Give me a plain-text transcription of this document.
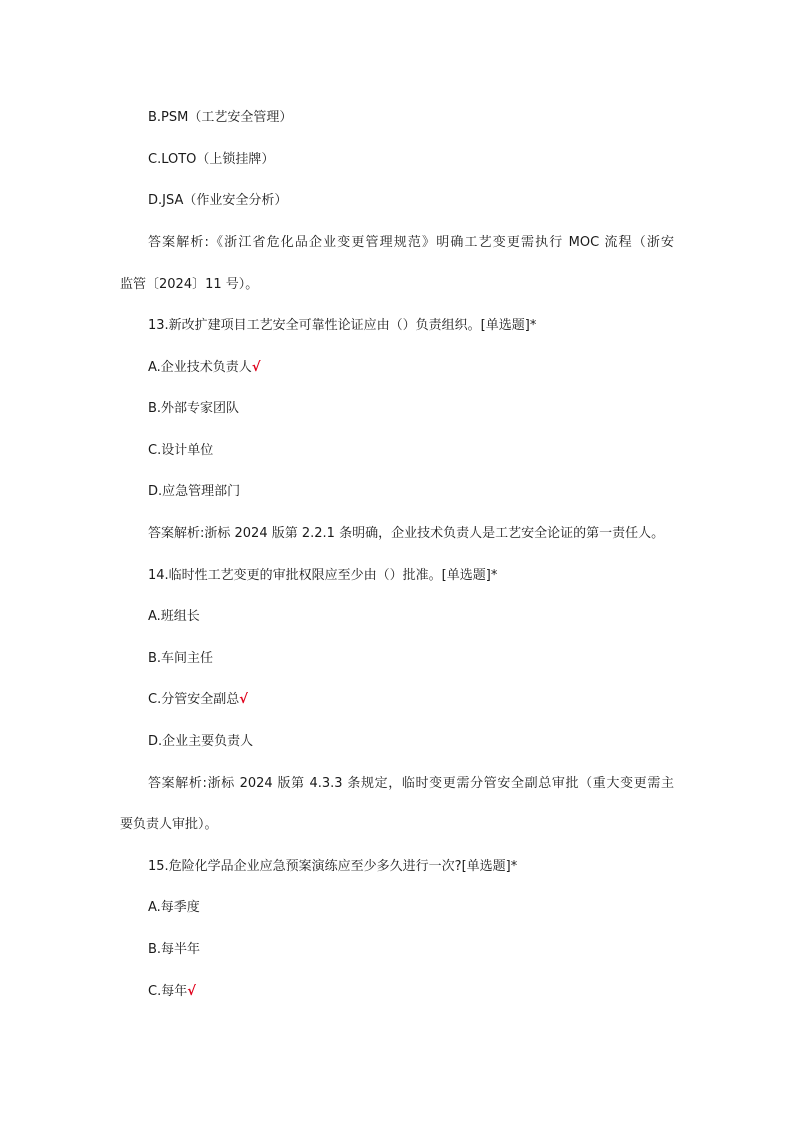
B.PSM（工艺安全管理）
C.LOTO（上锁挂牌）
D.JSA（作业安全分析）
答案解析:《浙江省危化品企业变更管理规范》明确工艺变更需执行 MOC 流程（浙安
监管〔2024〕11 号）。
13.新改扩建项目工艺安全可靠性论证应由（）负责组织。[单选题]*
A.企业技术负责人√
B.外部专家团队
C.设计单位
D.应急管理部门
答案解析:浙标 2024 版第 2.2.1 条明确，企业技术负责人是工艺安全论证的第一责任人。
14.临时性工艺变更的审批权限应至少由（）批准。[单选题]*
A.班组长
B.车间主任
C.分管安全副总√
D.企业主要负责人
答案解析:浙标 2024 版第 4.3.3 条规定，临时变更需分管安全副总审批（重大变更需主
要负责人审批）。
15.危险化学品企业应急预案演练应至少多久进行一次?[单选题]*
A.每季度
B.每半年
C.每年√
